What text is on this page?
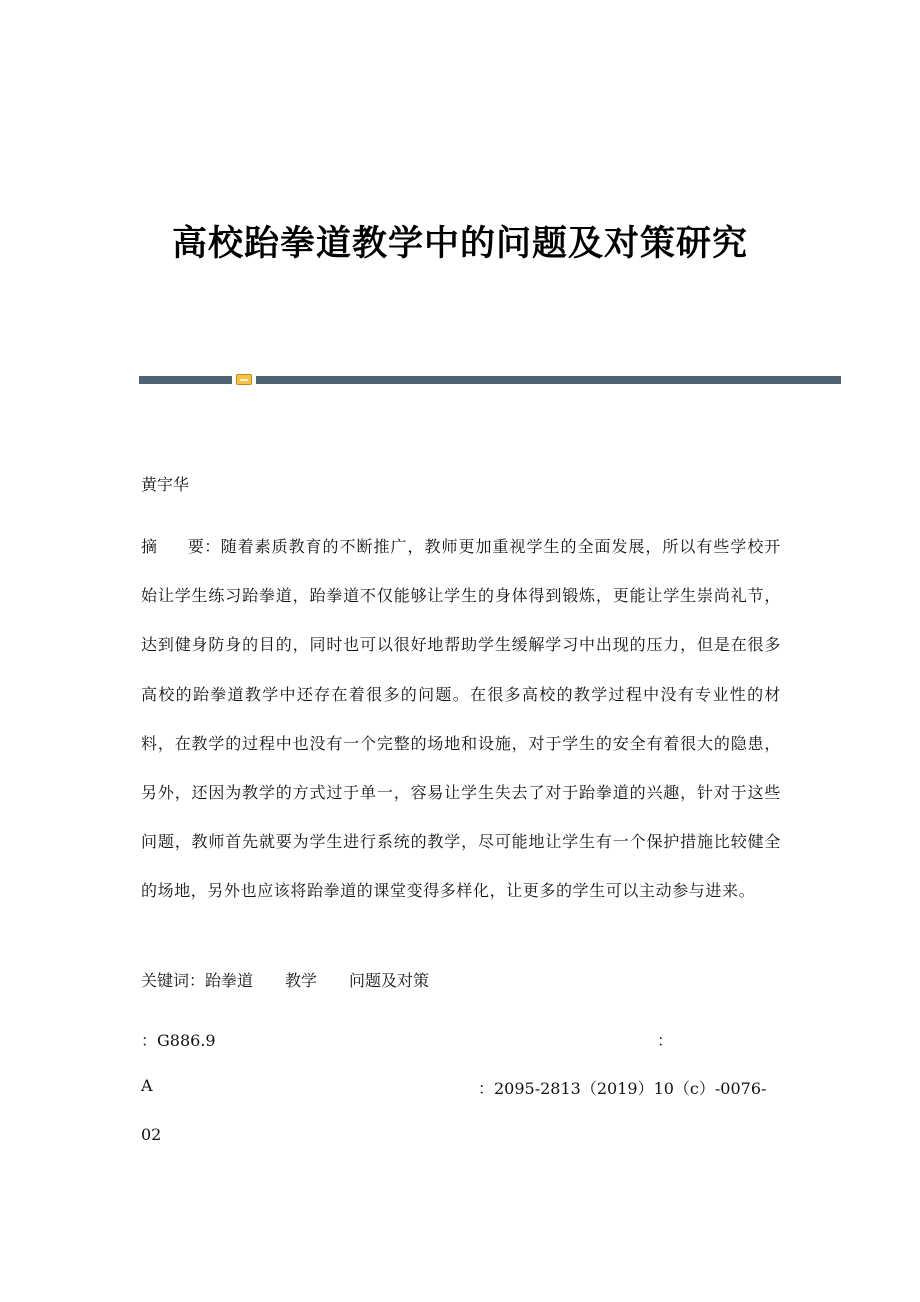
高校跆拳道教学中的问题及对策研究
黄宇华
摘 要：随着素质教育的不断推广，教师更加重视学生的全面发展，所以有些学校开始让学生练习跆拳道，跆拳道不仅能够让学生的身体得到锻炼，更能让学生崇尚礼节，达到健身防身的目的，同时也可以很好地帮助学生缓解学习中出现的压力，但是在很多高校的跆拳道教学中还存在着很多的问题。在很多高校的教学过程中没有专业性的材料，在教学的过程中也没有一个完整的场地和设施，对于学生的安全有着很大的隐患，另外，还因为教学的方式过于单一，容易让学生失去了对于跆拳道的兴趣，针对于这些问题，教师首先就要为学生进行系统的教学，尽可能地让学生有一个保护措施比较健全的场地，另外也应该将跆拳道的课堂变得多样化，让更多的学生可以主动参与进来。
关键词：跆拳道 教学 问题及对策
：G886.9	：
A	：2095-2813（2019）10（c）-0076-
02
